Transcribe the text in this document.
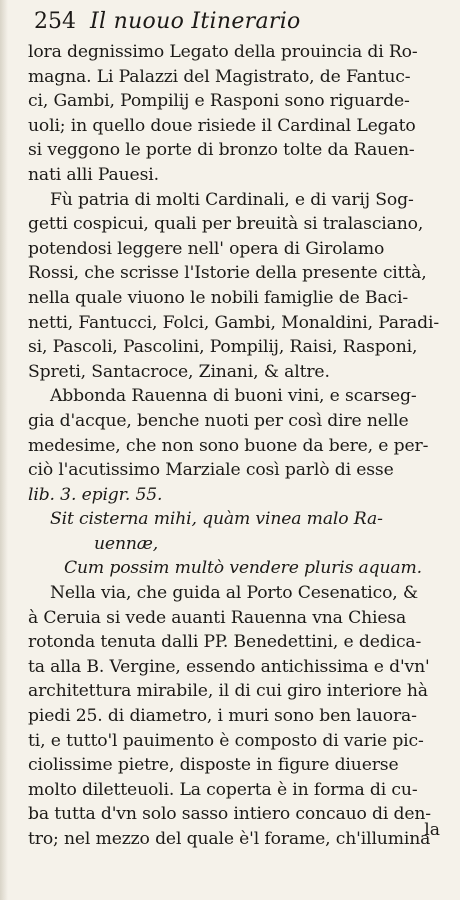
254 Il nuouo Itinerario
lora degnissimo Legato della prouincia di Ro-
magna. Li Palazzi del Magistrato, de Fantuc-
ci, Gambi, Pompilij e Rasponi sono riguarde-
uoli; in quello doue risiede il Cardinal Legato
si veggono le porte di bronzo tolte da Rauen-
nati alli Pauesi.
Fù patria di molti Cardinali, e di varij Sog-
getti cospicui, quali per breuità si tralasciano,
potendosi leggere nell' opera di Girolamo
Rossi, che scrisse l'Istorie della presente città,
nella quale viuono le nobili famiglie de Baci-
netti, Fantucci, Folci, Gambi, Monaldini, Paradi-
si, Pascoli, Pascolini, Pompilij, Raisi, Rasponi,
Spreti, Santacroce, Zinani, & altre.
Abbonda Rauenna di buoni vini, e scarseg-
gia d'acque, benche nuoti per così dire nelle
medesime, che non sono buone da bere, e per-
ciò l'acutissimo Marziale così parlò di esse
lib. 3. epigr. 55.
Sit cisterna mihi, quàm vinea malo Ra-
uennæ,
Cum possim multò vendere pluris aquam.
Nella via, che guida al Porto Cesenatico, &
à Ceruia si vede auanti Rauenna vna Chiesa
rotonda tenuta dalli PP. Benedettini, e dedica-
ta alla B. Vergine, essendo antichissima e d'vn'
architettura mirabile, il di cui giro interiore hà
piedi 25. di diametro, i muri sono ben lauora-
ti, e tutto'l pauimento è composto di varie pic-
ciolissime pietre, disposte in figure diuerse
molto diletteuoli. La coperta è in forma di cu-
ba tutta d'vn solo sasso intiero concauo di den-
tro; nel mezzo del quale è'l forame, ch'illumina
la
